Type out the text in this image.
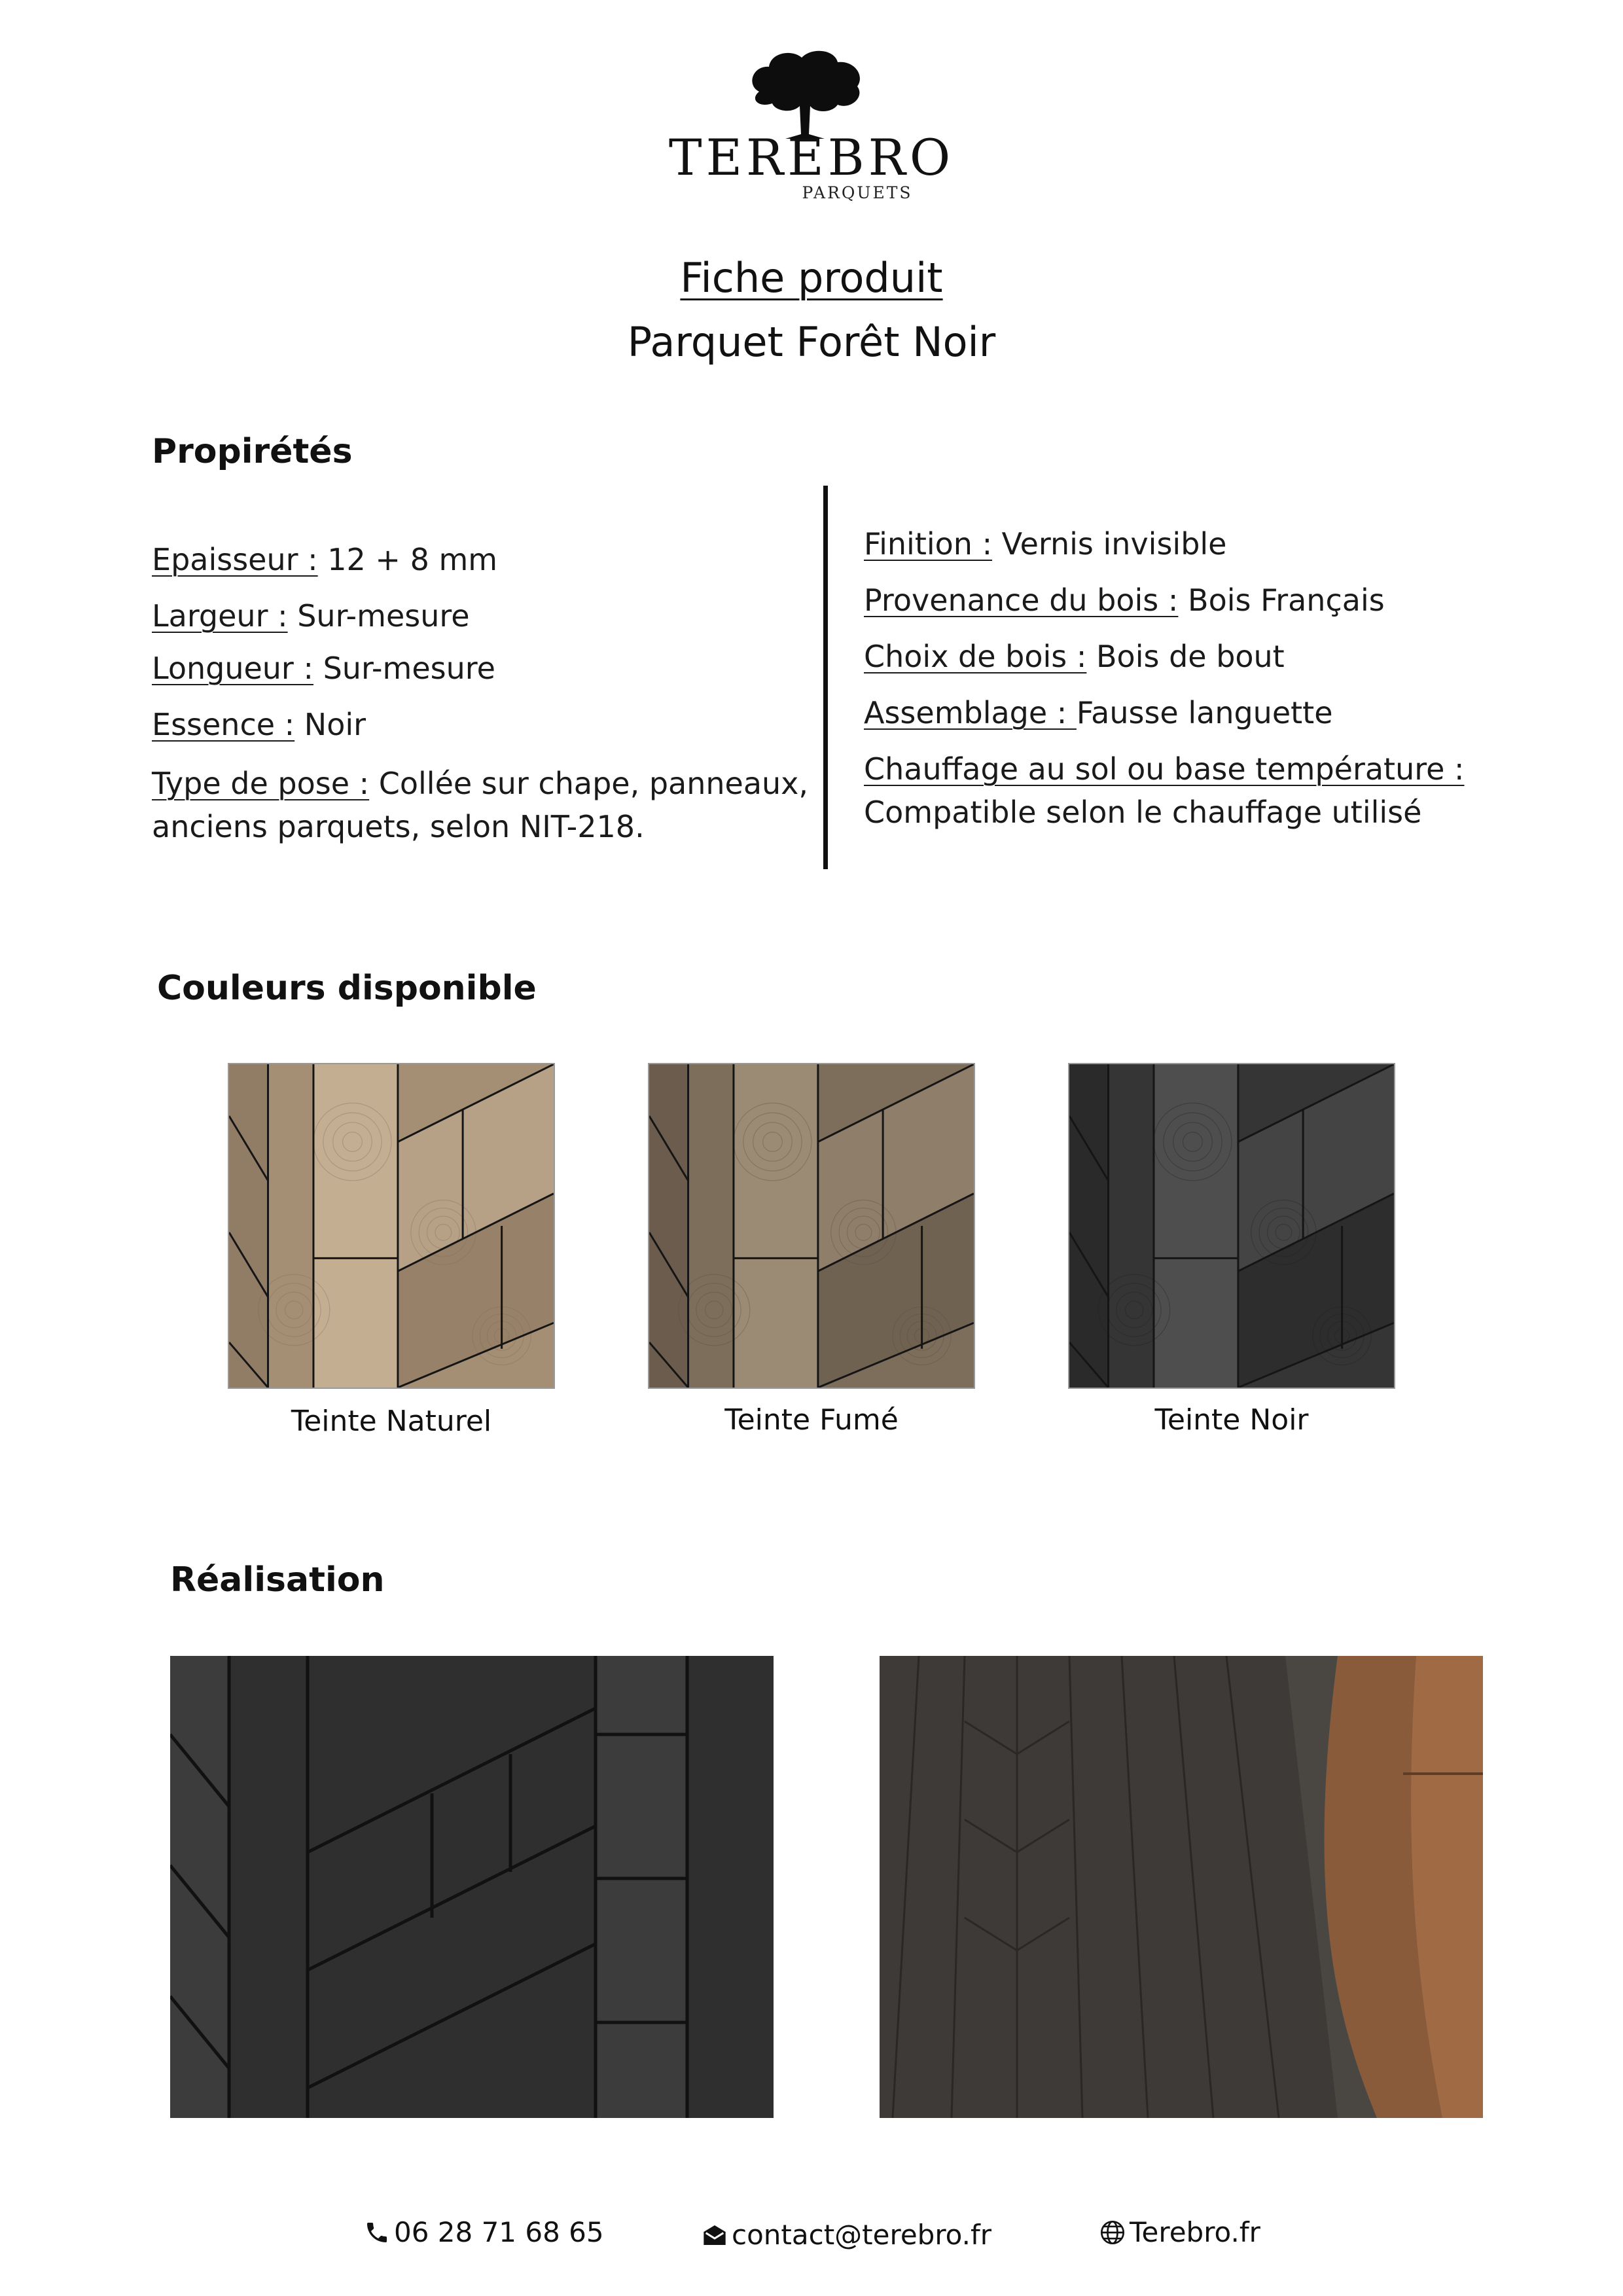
TEREBRO
PARQUETS
Fiche produit
Parquet Forêt Noir
Propirétés
Epaisseur : 12 + 8 mm
Largeur : Sur-mesure
Longueur : Sur-mesure
Essence : Noir
Type de pose : Collée sur chape, panneaux,
anciens parquets, selon NIT-218.
Finition : Vernis invisible
Provenance du bois : Bois Français
Choix de bois : Bois de bout
Assemblage : Fausse languette
Chauffage au sol ou base température :
Compatible selon le chauffage utilisé
Couleurs disponible
Teinte Naturel	Teinte Fumé	Teinte Noir
Réalisation
06 28 71 68 65	contact@terebro.fr	Terebro.fr
